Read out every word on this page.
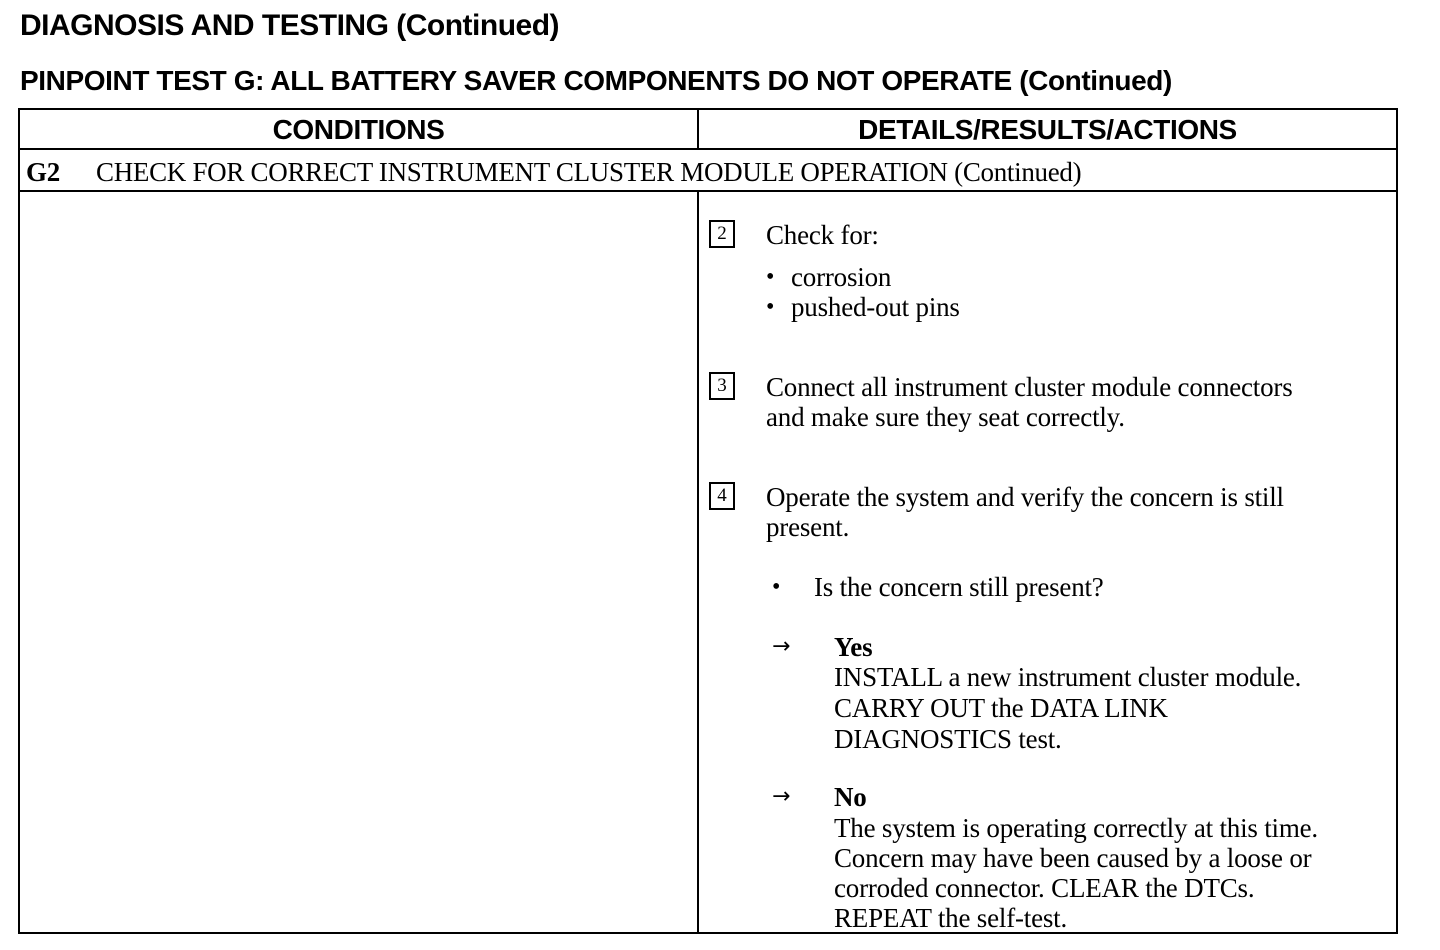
DIAGNOSIS AND TESTING (Continued)
PINPOINT TEST G: ALL BATTERY SAVER COMPONENTS DO NOT OPERATE (Continued)
CONDITIONS	DETAILS/RESULTS/ACTIONS
G2 CHECK FOR CORRECT INSTRUMENT CLUSTER MODULE OPERATION (Continued)
2	Check for:
• corrosion
• pushed-out pins
3	Connect all instrument cluster module connectors
and make sure they seat correctly.
4	Operate the system and verify the concern is still
present.
• Is the concern still present?
→ Yes
INSTALL a new instrument cluster module.
CARRY OUT the DATA LINK
DIAGNOSTICS test.
→ No
The system is operating correctly at this time.
Concern may have been caused by a loose or
corroded connector. CLEAR the DTCs.
REPEAT the self-test.
